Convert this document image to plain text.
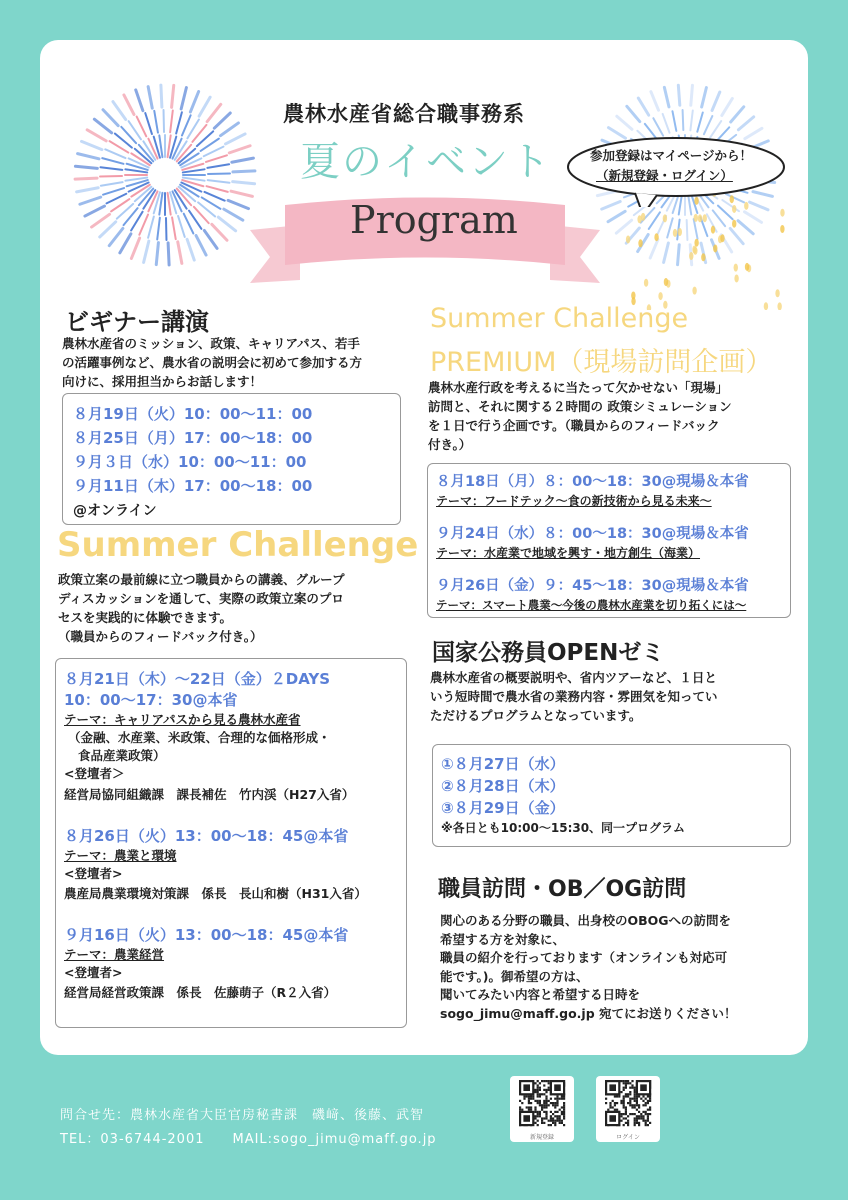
農林水産省総合職事務系
夏のイベント
Program
参加登録はマイページから！
（新規登録・ログイン）
ビギナー講演
農林水産省のミッション、政策、キャリアパス、若手
の活躍事例など、農水省の説明会に初めて参加する方
向けに、採用担当からお話します！
８月19日（火）10：00〜11：00
８月25日（月）17：00〜18：00
９月３日（水）10：00〜11：00
９月11日（木）17：00〜18：00
@オンライン
Summer Challenge
政策立案の最前線に立つ職員からの講義、グループ
ディスカッションを通して、実際の政策立案のプロ
セスを実践的に体験できます。
（職員からのフィードバック付き。）
８月21日（木）〜22日（金）２DAYS
10：00〜17：30@本省
テーマ：キャリアパスから見る農林水産省
（金融、水産業、米政策、合理的な価格形成・
食品産業政策）
<登壇者＞
経営局協同組織課　課長補佐　竹内渓（H27入省）
８月26日（火）13：00〜18：45@本省
テーマ：農業と環境
<登壇者>
農産局農業環境対策課　係長　長山和樹（H31入省）
９月16日（火）13：00〜18：45@本省
テーマ：農業経営
<登壇者>
経営局経営政策課　係長　佐藤萌子（R２入省）
Summer Challenge
PREMIUM（現場訪問企画）
農林水産行政を考えるに当たって欠かせない「現場」
訪問と、それに関する２時間の 政策シミュレーション
を１日で行う企画です。（職員からのフィードバック
付き。）
８月18日（月）８：00〜18：30@現場＆本省
テーマ：フードテック〜食の新技術から見る未来〜
９月24日（水）８：00〜18：30@現場＆本省
テーマ：水産業で地域を興す・地方創生（海業）
９月26日（金）９：45〜18：30@現場＆本省
テーマ：スマート農業〜今後の農林水産業を切り拓くには〜
国家公務員OPENゼミ
農林水産省の概要説明や、省内ツアーなど、１日と
いう短時間で農水省の業務内容・雰囲気を知ってい
ただけるプログラムとなっています。
①８月27日（水）
②８月28日（木）
③８月29日（金）
※各日とも10:00〜15:30、同一プログラム
職員訪問・OB／OG訪問
関心のある分野の職員、出身校のOBOGへの訪問を
希望する方を対象に、
職員の紹介を行っております（オンラインも対応可
能です。)。御希望の方は、
聞いてみたい内容と希望する日時を
sogo_jimu@maff.go.jp 宛てにお送りください！
問合せ先：農林水産省大臣官房秘書課　磯﨑、後藤、武智
TEL：03-6744-2001　　MAIL:sogo_jimu@maff.go.jp	新規登録	ログイン
